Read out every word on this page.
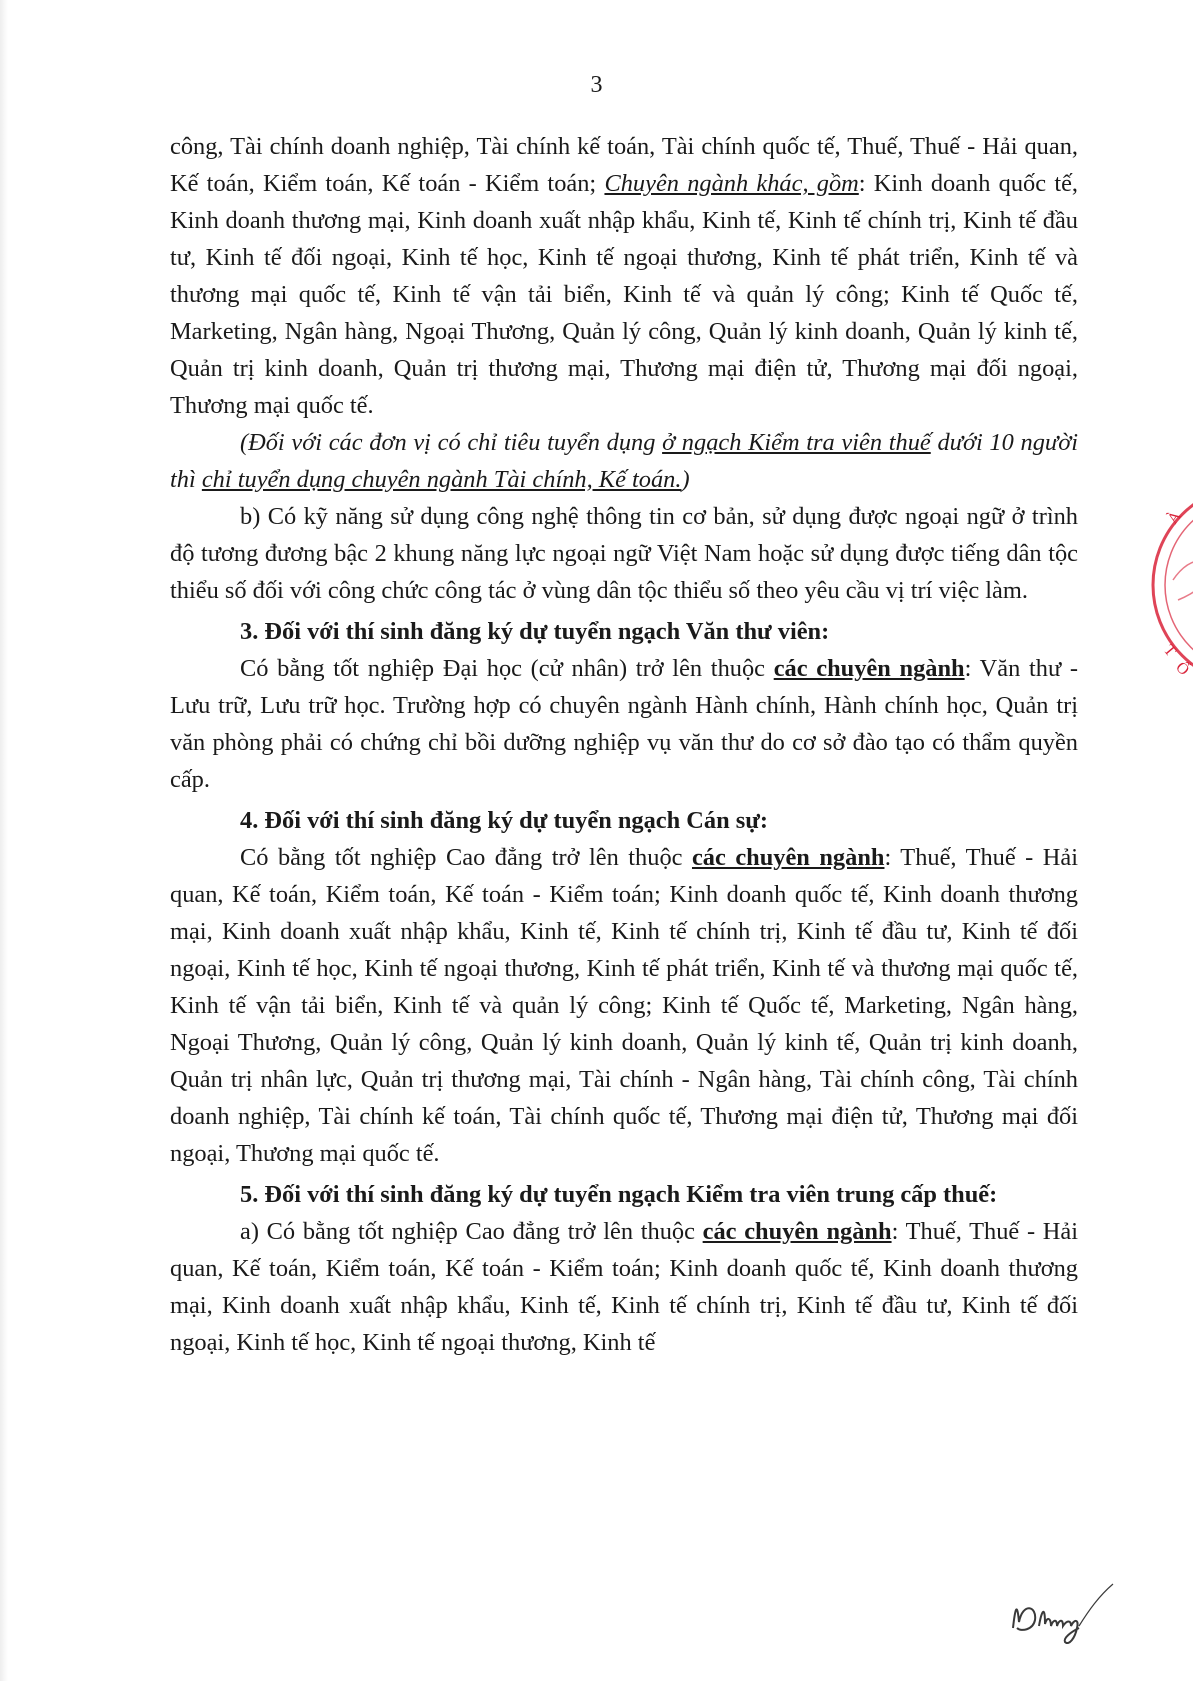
3

công, Tài chính doanh nghiệp, Tài chính kế toán, Tài chính quốc tế, Thuế, Thuế - Hải quan, Kế toán, Kiểm toán, Kế toán - Kiểm toán; Chuyên ngành khác, gồm: Kinh doanh quốc tế, Kinh doanh thương mại, Kinh doanh xuất nhập khẩu, Kinh tế, Kinh tế chính trị, Kinh tế đầu tư, Kinh tế đối ngoại, Kinh tế học, Kinh tế ngoại thương, Kinh tế phát triển, Kinh tế và thương mại quốc tế, Kinh tế vận tải biển, Kinh tế và quản lý công; Kinh tế Quốc tế, Marketing, Ngân hàng, Ngoại Thương, Quản lý công, Quản lý kinh doanh, Quản lý kinh tế, Quản trị kinh doanh, Quản trị thương mại, Thương mại điện tử, Thương mại đối ngoại, Thương mại quốc tế.

(Đối với các đơn vị có chỉ tiêu tuyển dụng ở ngạch Kiểm tra viên thuế dưới 10 người thì chỉ tuyển dụng chuyên ngành Tài chính, Kế toán.)

b) Có kỹ năng sử dụng công nghệ thông tin cơ bản, sử dụng được ngoại ngữ ở trình độ tương đương bậc 2 khung năng lực ngoại ngữ Việt Nam hoặc sử dụng được tiếng dân tộc thiểu số đối với công chức công tác ở vùng dân tộc thiểu số theo yêu cầu vị trí việc làm.

3. Đối với thí sinh đăng ký dự tuyển ngạch Văn thư viên:

Có bằng tốt nghiệp Đại học (cử nhân) trở lên thuộc các chuyên ngành: Văn thư - Lưu trữ, Lưu trữ học. Trường hợp có chuyên ngành Hành chính, Hành chính học, Quản trị văn phòng phải có chứng chỉ bồi dưỡng nghiệp vụ văn thư do cơ sở đào tạo có thẩm quyền cấp.

4. Đối với thí sinh đăng ký dự tuyển ngạch Cán sự:

Có bằng tốt nghiệp Cao đẳng trở lên thuộc các chuyên ngành: Thuế, Thuế - Hải quan, Kế toán, Kiểm toán, Kế toán - Kiểm toán; Kinh doanh quốc tế, Kinh doanh thương mại, Kinh doanh xuất nhập khẩu, Kinh tế, Kinh tế chính trị, Kinh tế đầu tư, Kinh tế đối ngoại, Kinh tế học, Kinh tế ngoại thương, Kinh tế phát triển, Kinh tế và thương mại quốc tế, Kinh tế vận tải biển, Kinh tế và quản lý công; Kinh tế Quốc tế, Marketing, Ngân hàng, Ngoại Thương, Quản lý công, Quản lý kinh doanh, Quản lý kinh tế, Quản trị kinh doanh, Quản trị nhân lực, Quản trị thương mại, Tài chính - Ngân hàng, Tài chính công, Tài chính doanh nghiệp, Tài chính kế toán, Tài chính quốc tế, Thương mại điện tử, Thương mại đối ngoại, Thương mại quốc tế.

5. Đối với thí sinh đăng ký dự tuyển ngạch Kiểm tra viên trung cấp thuế:

a) Có bằng tốt nghiệp Cao đẳng trở lên thuộc các chuyên ngành: Thuế, Thuế - Hải quan, Kế toán, Kiểm toán, Kế toán - Kiểm toán; Kinh doanh quốc tế, Kinh doanh thương mại, Kinh doanh xuất nhập khẩu, Kinh tế, Kinh tế chính trị, Kinh tế đầu tư, Kinh tế đối ngoại, Kinh tế học, Kinh tế ngoại thương, Kinh tế

À
T
Ổ
